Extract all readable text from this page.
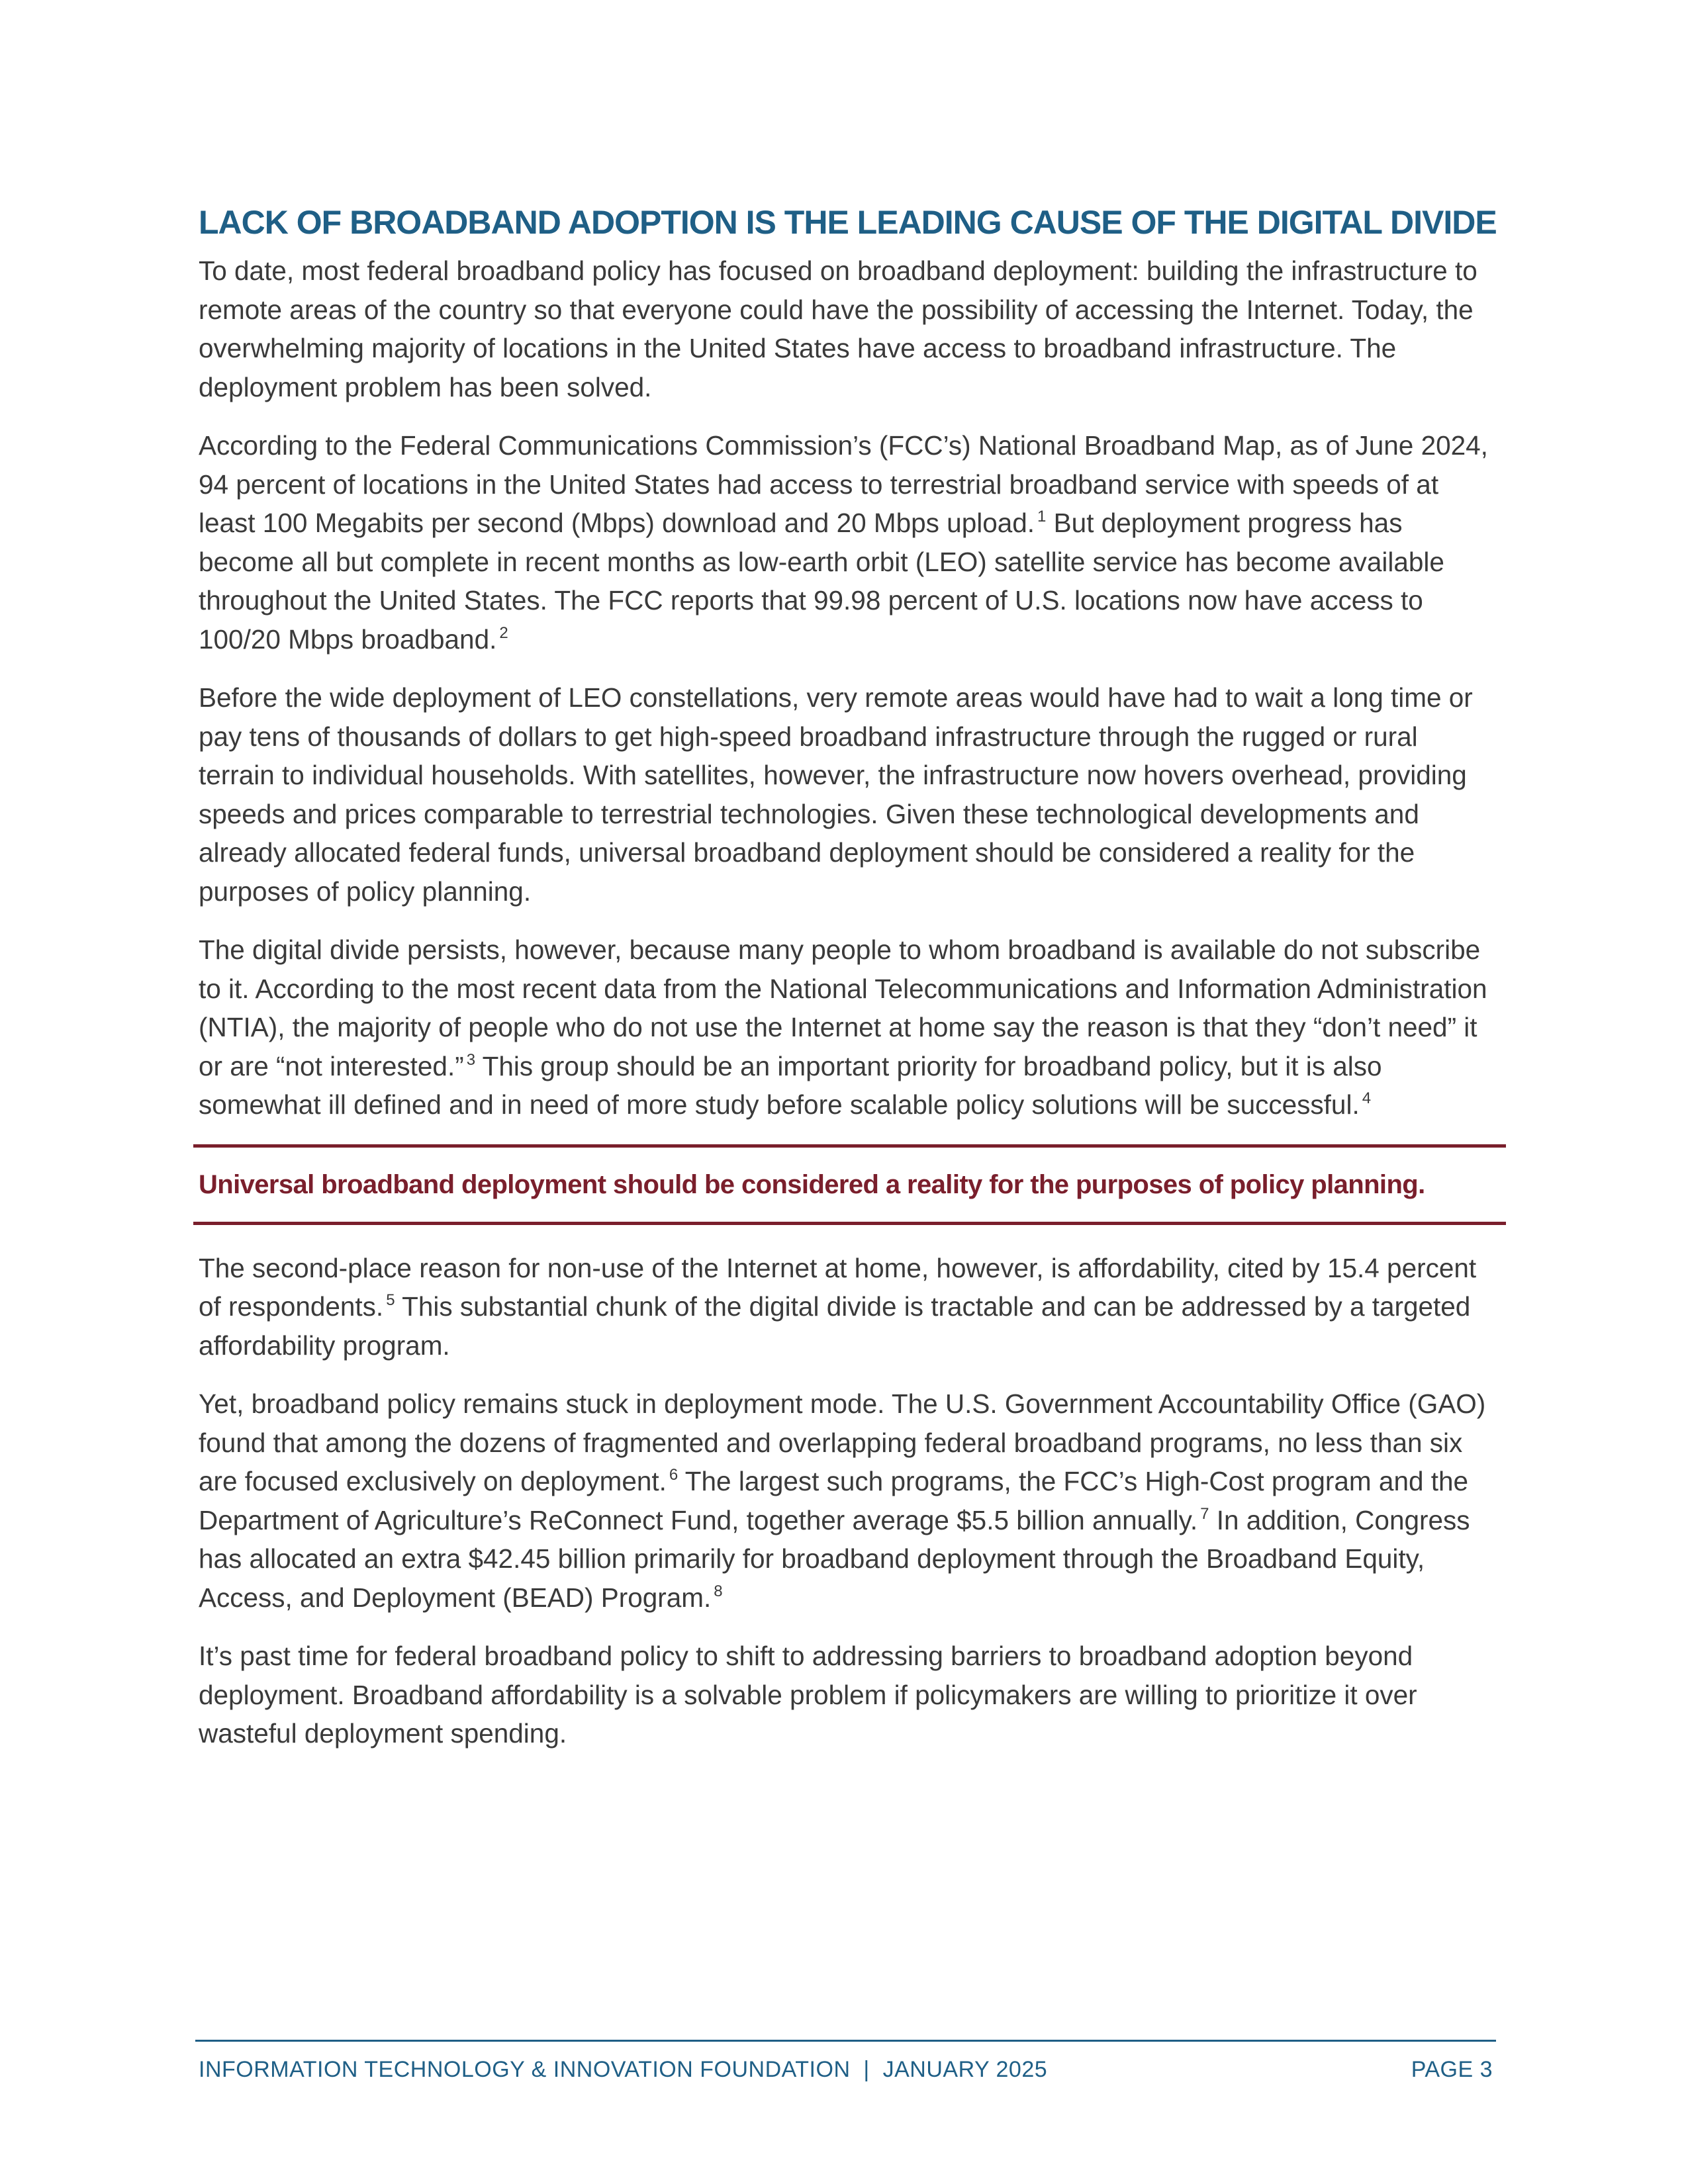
LACK OF BROADBAND ADOPTION IS THE LEADING CAUSE OF THE DIGITAL DIVIDE

To date, most federal broadband policy has focused on broadband deployment: building the infrastructure to remote areas of the country so that everyone could have the possibility of accessing the Internet. Today, the overwhelming majority of locations in the United States have access to broadband infrastructure. The deployment problem has been solved.

According to the Federal Communications Commission’s (FCC’s) National Broadband Map, as of June 2024, 94 percent of locations in the United States had access to terrestrial broadband service with speeds of at least 100 Megabits per second (Mbps) download and 20 Mbps upload. $^1$ But deployment progress has become all but complete in recent months as low-earth orbit (LEO) satellite service has become available throughout the United States. The FCC reports that 99.98 percent of U.S. locations now have access to 100/20 Mbps broadband. $^2$

Before the wide deployment of LEO constellations, very remote areas would have had to wait a long time or pay tens of thousands of dollars to get high-speed broadband infrastructure through the rugged or rural terrain to individual households. With satellites, however, the infrastructure now hovers overhead, providing speeds and prices comparable to terrestrial technologies. Given these technological developments and already allocated federal funds, universal broadband deployment should be considered a reality for the purposes of policy planning.

The digital divide persists, however, because many people to whom broadband is available do not subscribe to it. According to the most recent data from the National Telecommunications and Information Administration (NTIA), the majority of people who do not use the Internet at home say the reason is that they “don’t need” it or are “not interested.” $^3$ This group should be an important priority for broadband policy, but it is also somewhat ill defined and in need of more study before scalable policy solutions will be successful. $^4$

Universal broadband deployment should be considered a reality for the purposes of policy planning.

The second-place reason for non-use of the Internet at home, however, is affordability, cited by 15.4 percent of respondents. $^5$ This substantial chunk of the digital divide is tractable and can be addressed by a targeted affordability program.

Yet, broadband policy remains stuck in deployment mode. The U.S. Government Accountability Office (GAO) found that among the dozens of fragmented and overlapping federal broadband programs, no less than six are focused exclusively on deployment. $^6$ The largest such programs, the FCC’s High-Cost program and the Department of Agriculture’s ReConnect Fund, together average $5.5 billion annually. $^7$ In addition, Congress has allocated an extra $42.45 billion primarily for broadband deployment through the Broadband Equity, Access, and Deployment (BEAD) Program. $^8$

It’s past time for federal broadband policy to shift to addressing barriers to broadband adoption beyond deployment. Broadband affordability is a solvable problem if policymakers are willing to prioritize it over wasteful deployment spending.

INFORMATION TECHNOLOGY & INNOVATION FOUNDATION  |  JANUARY 2025	PAGE 3
